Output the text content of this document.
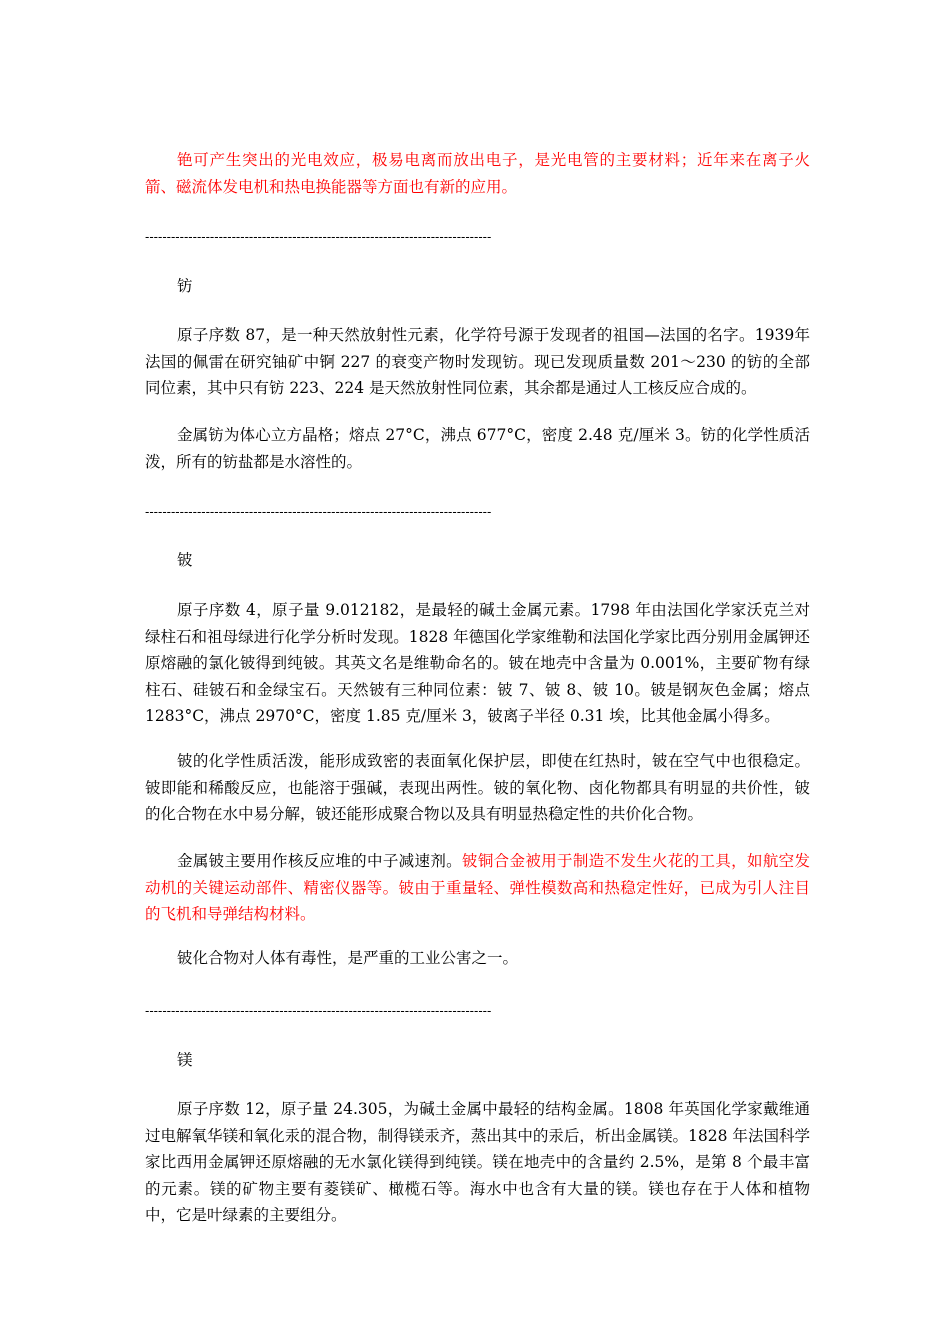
铯可产生突出的光电效应，极易电离而放出电子，是光电管的主要材料；近年来在离子火箭、磁流体发电机和热电换能器等方面也有新的应用。

--------------------------------------------------------------------------------

钫

原子序数 87，是一种天然放射性元素，化学符号源于发现者的祖国—法国的名字。1939年法国的佩雷在研究铀矿中锕 227 的衰变产物时发现钫。现已发现质量数 201～230 的钫的全部同位素，其中只有钫 223、224 是天然放射性同位素，其余都是通过人工核反应合成的。

金属钫为体心立方晶格；熔点 27°C，沸点 677°C，密度 2.48 克/厘米 3。钫的化学性质活泼，所有的钫盐都是水溶性的。

--------------------------------------------------------------------------------

铍

原子序数 4，原子量 9.012182，是最轻的碱土金属元素。1798 年由法国化学家沃克兰对绿柱石和祖母绿进行化学分析时发现。1828 年德国化学家维勒和法国化学家比西分别用金属钾还原熔融的氯化铍得到纯铍。其英文名是维勒命名的。铍在地壳中含量为 0.001%，主要矿物有绿柱石、硅铍石和金绿宝石。天然铍有三种同位素：铍 7、铍 8、铍 10。铍是钢灰色金属；熔点 1283°C，沸点 2970°C，密度 1.85 克/厘米 3，铍离子半径 0.31 埃，比其他金属小得多。

铍的化学性质活泼，能形成致密的表面氧化保护层，即使在红热时，铍在空气中也很稳定。铍即能和稀酸反应，也能溶于强碱，表现出两性。铍的氧化物、卤化物都具有明显的共价性，铍的化合物在水中易分解，铍还能形成聚合物以及具有明显热稳定性的共价化合物。

金属铍主要用作核反应堆的中子减速剂。铍铜合金被用于制造不发生火花的工具，如航空发动机的关键运动部件、精密仪器等。铍由于重量轻、弹性模数高和热稳定性好，已成为引人注目的飞机和导弹结构材料。

铍化合物对人体有毒性，是严重的工业公害之一。

--------------------------------------------------------------------------------

镁

原子序数 12，原子量 24.305，为碱土金属中最轻的结构金属。1808 年英国化学家戴维通过电解氧华镁和氧化汞的混合物，制得镁汞齐，蒸出其中的汞后，析出金属镁。1828 年法国科学家比西用金属钾还原熔融的无水氯化镁得到纯镁。镁在地壳中的含量约 2.5%，是第 8 个最丰富的元素。镁的矿物主要有菱镁矿、橄榄石等。海水中也含有大量的镁。镁也存在于人体和植物中，它是叶绿素的主要组分。
